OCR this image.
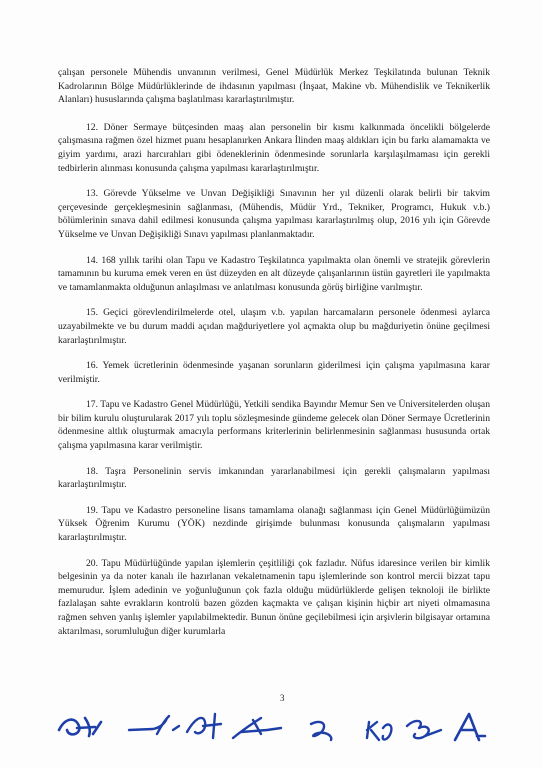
çalışan personele Mühendis unvanının verilmesi, Genel Müdürlük Merkez Teşkilatında bulunan Teknik Kadrolarının Bölge Müdürlüklerinde de ihdasının yapılması (İnşaat, Makine vb. Mühendislik ve Teknikerlik Alanları) hususlarında çalışma başlatılması kararlaştırılmıştır.

12. Döner Sermaye bütçesinden maaş alan personelin bir kısmı kalkınmada öncelikli bölgelerde çalışmasına rağmen özel hizmet puanı hesaplanırken Ankara İlinden maaş aldıkları için bu farkı alamamakta ve giyim yardımı, arazi harcırahları gibi ödeneklerinin ödenmesinde sorunlarla karşılaşılmaması için gerekli tedbirlerin alınması konusunda çalışma yapılması kararlaştırılmıştır.

13. Görevde Yükselme ve Unvan Değişikliği Sınavının her yıl düzenli olarak belirli bir takvim çerçevesinde gerçekleşmesinin sağlanması, (Mühendis, Müdür Yrd., Tekniker, Programcı, Hukuk v.b.) bölümlerinin sınava dahil edilmesi konusunda çalışma yapılması kararlaştırılmış olup, 2016 yılı için Görevde Yükselme ve Unvan Değişikliği Sınavı yapılması planlanmaktadır.

14. 168 yıllık tarihi olan Tapu ve Kadastro Teşkilatınca yapılmakta olan önemli ve stratejik görevlerin tamamının bu kuruma emek veren en üst düzeyden en alt düzeyde çalışanlarının üstün gayretleri ile yapılmakta ve tamamlanmakta olduğunun anlaşılması ve anlatılması konusunda görüş birliğine varılmıştır.

15. Geçici görevlendirilmelerde otel, ulaşım v.b. yapılan harcamaların personele ödenmesi aylarca uzayabilmekte ve bu durum maddi açıdan mağduriyetlere yol açmakta olup bu mağduriyetin önüne geçilmesi kararlaştırılmıştır.

16. Yemek ücretlerinin ödenmesinde yaşanan sorunların giderilmesi için çalışma yapılmasına karar verilmiştir.

17. Tapu ve Kadastro Genel Müdürlüğü, Yetkili sendika Bayındır Memur Sen ve Üniversitelerden oluşan bir bilim kurulu oluşturularak 2017 yılı toplu sözleşmesinde gündeme gelecek olan Döner Sermaye Ücretlerinin ödenmesine altlık oluşturmak amacıyla performans kriterlerinin belirlenmesinin sağlanması hususunda ortak çalışma yapılmasına karar verilmiştir.

18. Taşra Personelinin servis imkanından yararlanabilmesi için gerekli çalışmaların yapılması kararlaştırılmıştır.

19. Tapu ve Kadastro personeline lisans tamamlama olanağı sağlanması için Genel Müdürlüğümüzün Yüksek Öğrenim Kurumu (YÖK) nezdinde girişimde bulunması konusunda çalışmaların yapılması kararlaştırılmıştır.

20. Tapu Müdürlüğünde yapılan işlemlerin çeşitliliği çok fazladır. Nüfus idaresince verilen bir kimlik belgesinin ya da noter kanalı ile hazırlanan vekaletnamenin tapu işlemlerinde son kontrol mercii bizzat tapu memurudur. İşlem adedinin ve yoğunluğunun çok fazla olduğu müdürlüklerde gelişen teknoloji ile birlikte fazlalaşan sahte evrakların kontrolü bazen gözden kaçmakta ve çalışan kişinin hiçbir art niyeti olmamasına rağmen sehven yanlış işlemler yapılabilmektedir. Bunun önüne geçilebilmesi için arşivlerin bilgisayar ortamına aktarılması, sorumluluğun diğer kurumlarla

3
